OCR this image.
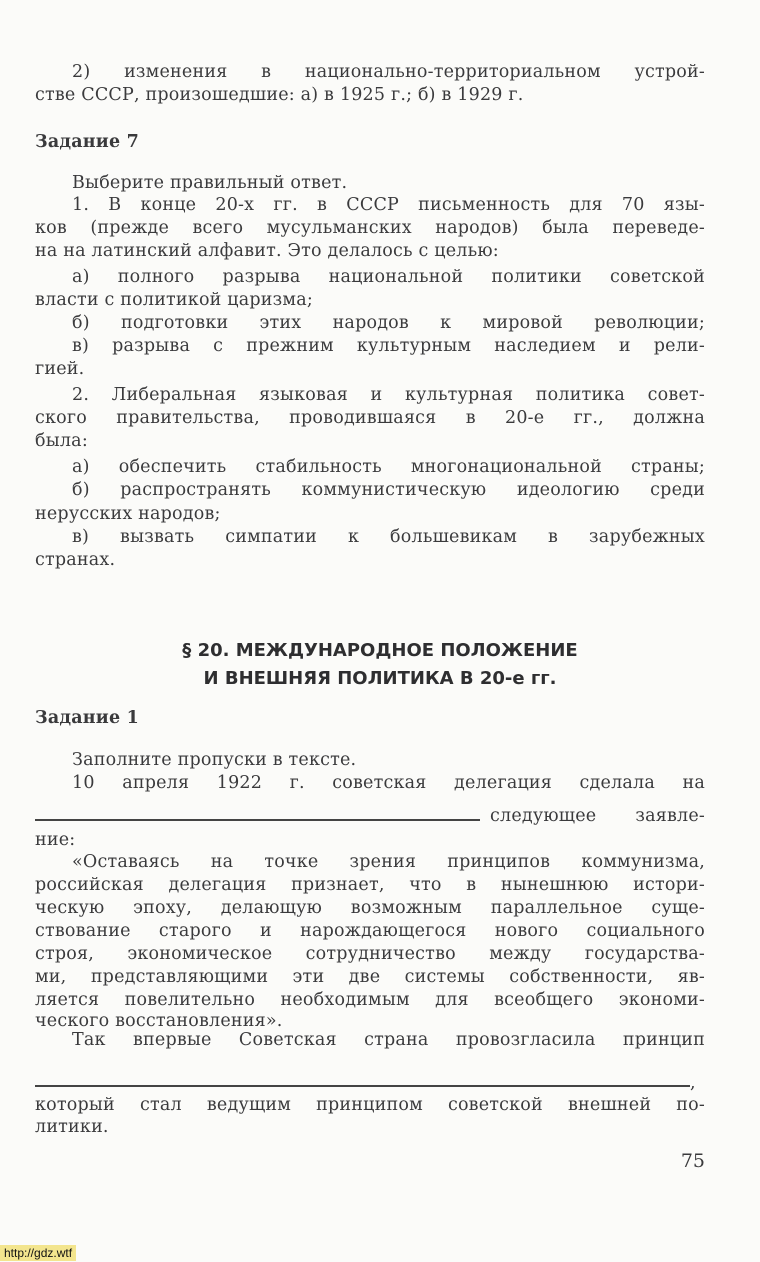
2) изменения в национально-территориальном устрой-
стве СССР, произошедшие: а) в 1925 г.; б) в 1929 г.
Задание 7
Выберите правильный ответ.
1. В конце 20-х гг. в СССР письменность для 70 язы-
ков (прежде всего мусульманских народов) была переведе-
на на латинский алфавит. Это делалось с целью:
а) полного разрыва национальной политики советской
власти с политикой царизма;
б) подготовки этих народов к мировой революции;
в) разрыва с прежним культурным наследием и рели-
гией.
2. Либеральная языковая и культурная политика совет-
ского правительства, проводившаяся в 20-е гг., должна
была:
а) обеспечить стабильность многонациональной страны;
б) распространять коммунистическую идеологию среди
нерусских народов;
в) вызвать симпатии к большевикам в зарубежных
странах.
Задание 1
Заполните пропуски в тексте.
10 апреля 1922 г. советская делегация сделала на
следующее заявле-
ние:
«Оставаясь на точке зрения принципов коммунизма,
российская делегация признает, что в нынешнюю истори-
ческую эпоху, делающую возможным параллельное суще-
ствование старого и нарождающегося нового социального
строя, экономическое сотрудничество между государства-
ми, представляющими эти две системы собственности, яв-
ляется повелительно необходимым для всеобщего экономи-
ческого восстановления».
Так впервые Советская страна провозгласила принцип
,
который стал ведущим принципом советской внешней по-
литики.
§ 20. МЕЖДУНАРОДНОЕ ПОЛОЖЕНИЕ
И ВНЕШНЯЯ ПОЛИТИКА В 20-е гг.
75
http://gdz.wtf
